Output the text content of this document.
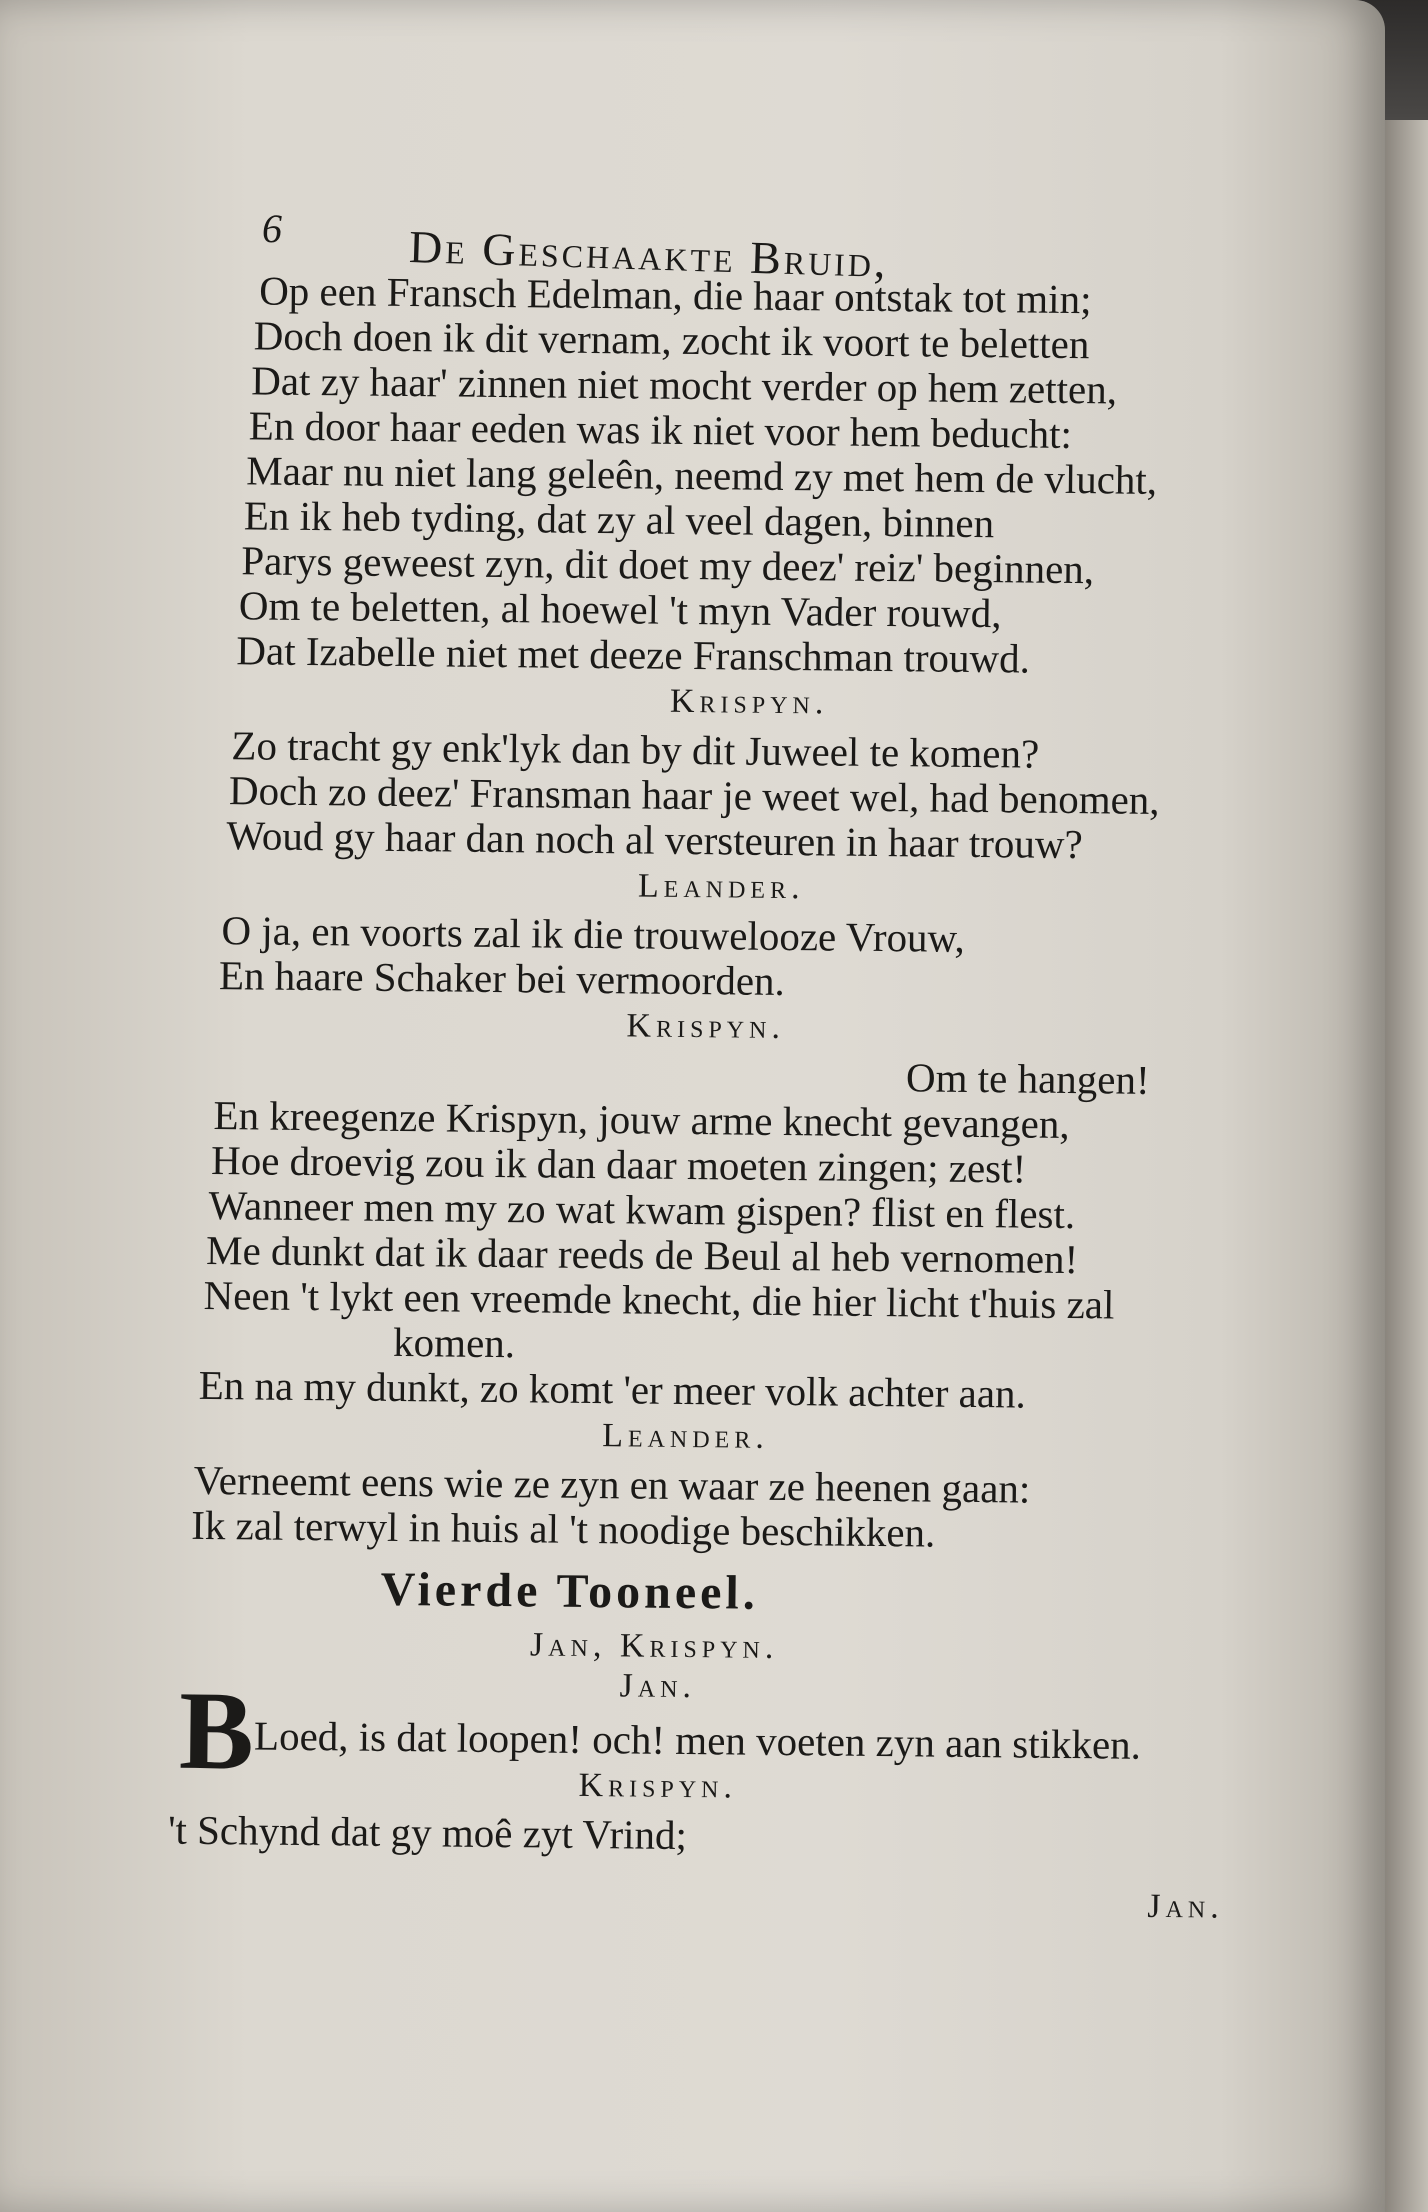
6	De Geschaakte Bruid,
Op een Fransch Edelman, die haar ontstak tot min;
Doch doen ik dit vernam, zocht ik voort te beletten
Dat zy haar' zinnen niet mocht verder op hem zetten,
En door haar eeden was ik niet voor hem beducht:
Maar nu niet lang geleên, neemd zy met hem de vlucht,
En ik heb tyding, dat zy al veel dagen, binnen
Parys geweest zyn, dit doet my deez' reiz' beginnen,
Om te beletten, al hoewel 't myn Vader rouwd,
Dat Izabelle niet met deeze Franschman trouwd.
Krispyn.
Zo tracht gy enk'lyk dan by dit Juweel te komen?
Doch zo deez' Fransman haar je weet wel, had benomen,
Woud gy haar dan noch al versteuren in haar trouw?
Leander.
O ja, en voorts zal ik die trouwelooze Vrouw,
En haare Schaker bei vermoorden.
Krispyn.
Om te hangen!
En kreegenze Krispyn, jouw arme knecht gevangen,
Hoe droevig zou ik dan daar moeten zingen; zest!
Wanneer men my zo wat kwam gispen? flist en flest.
Me dunkt dat ik daar reeds de Beul al heb vernomen!
Neen 't lykt een vreemde knecht, die hier licht t'huis zal
komen.
En na my dunkt, zo komt 'er meer volk achter aan.
Leander.
Verneemt eens wie ze zyn en waar ze heenen gaan:
Ik zal terwyl in huis al 't noodige beschikken.
Vierde Tooneel.
Jan, Krispyn.
Jan.
B Loed, is dat loopen! och! men voeten zyn aan stikken.
Krispyn.
't Schynd dat gy moê zyt Vrind;
Jan.
